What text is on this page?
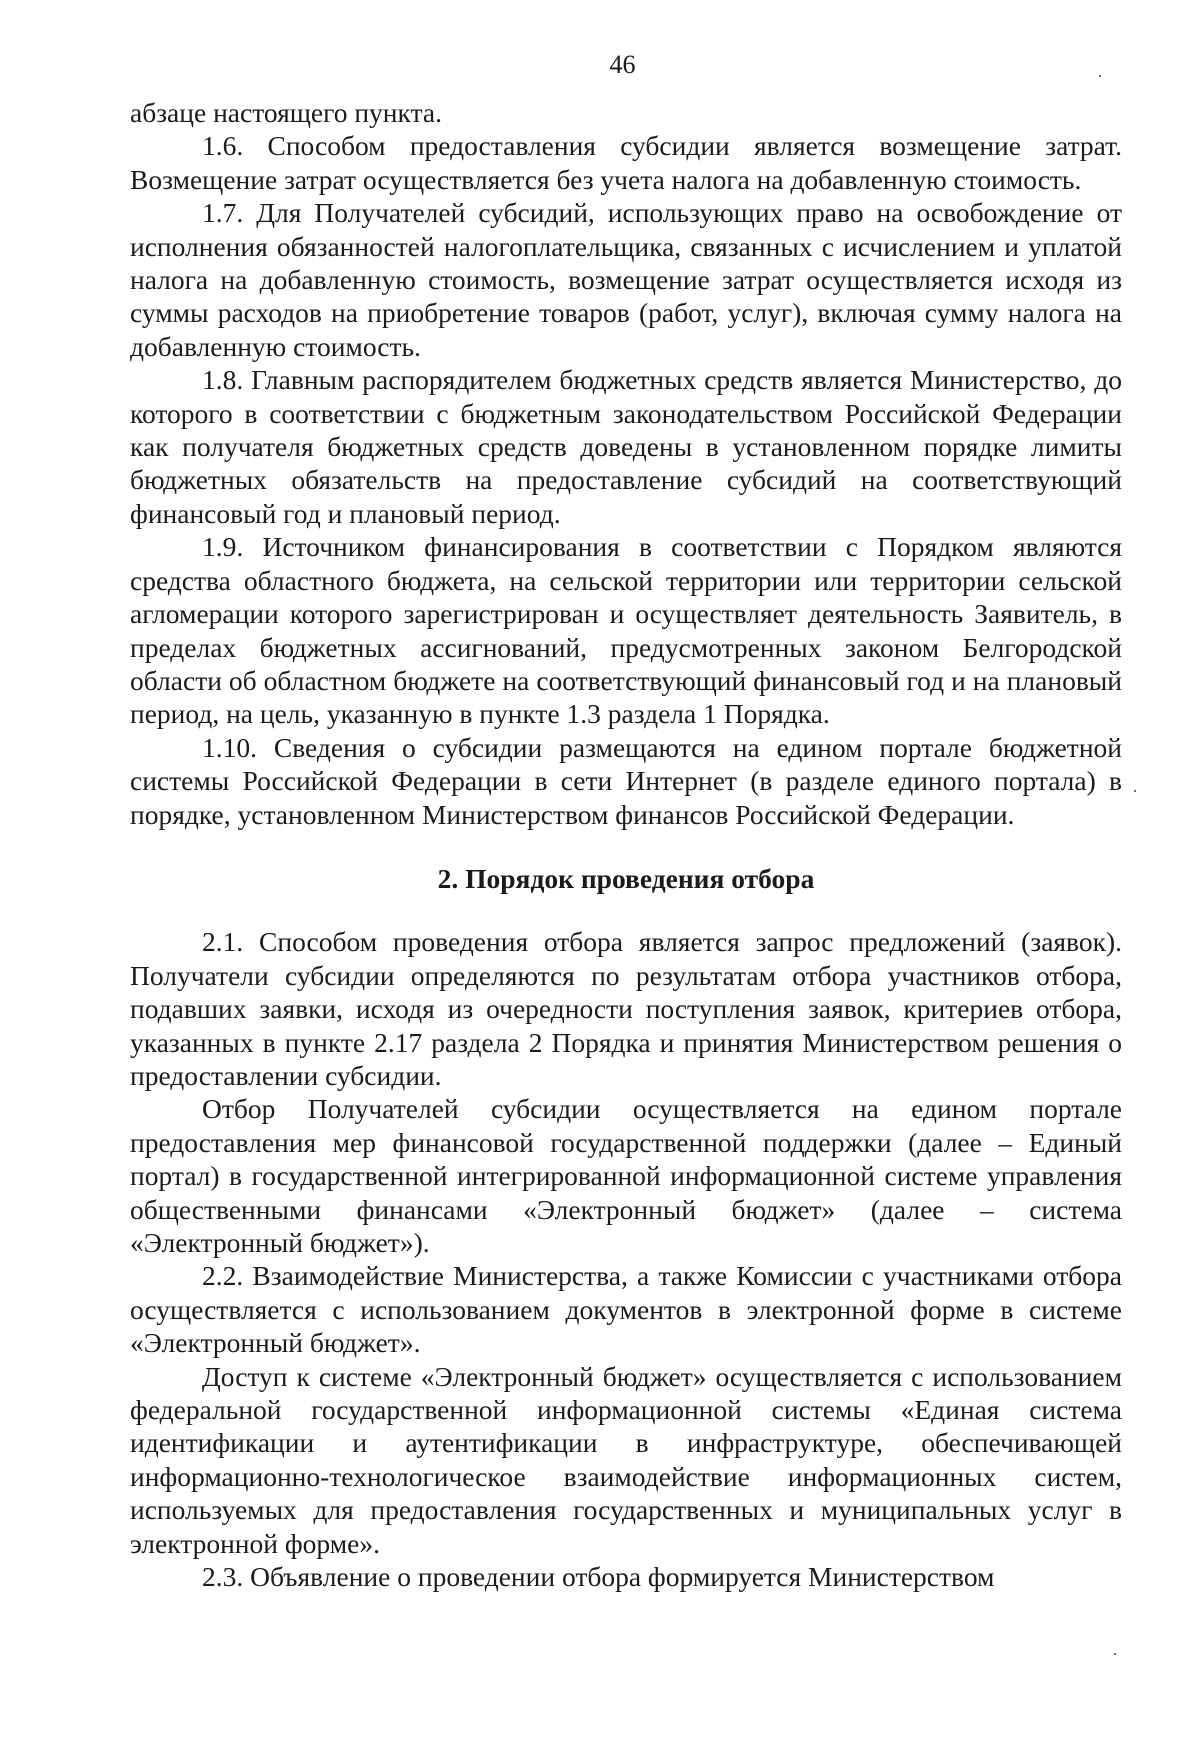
46

абзаце настоящего пункта.

1.6. Способом предоставления субсидии является возмещение затрат. Возмещение затрат осуществляется без учета налога на добавленную стоимость.

1.7. Для Получателей субсидий, использующих право на освобождение от исполнения обязанностей налогоплательщика, связанных с исчислением и уплатой налога на добавленную стоимость, возмещение затрат осуществляется исходя из суммы расходов на приобретение товаров (работ, услуг), включая сумму налога на добавленную стоимость.

1.8. Главным распорядителем бюджетных средств является Министерство, до которого в соответствии с бюджетным законодательством Российской Федерации как получателя бюджетных средств доведены в установленном порядке лимиты бюджетных обязательств на предоставление субсидий на соответствующий финансовый год и плановый период.

1.9. Источником финансирования в соответствии с Порядком являются средства областного бюджета, на сельской территории или территории сельской агломерации которого зарегистрирован и осуществляет деятельность Заявитель, в пределах бюджетных ассигнований, предусмотренных законом Белгородской области об областном бюджете на соответствующий финансовый год и на плановый период, на цель, указанную в пункте 1.3 раздела 1 Порядка.

1.10. Сведения о субсидии размещаются на едином портале бюджетной системы Российской Федерации в сети Интернет (в разделе единого портала) в порядке, установленном Министерством финансов Российской Федерации.

2. Порядок проведения отбора

2.1. Способом проведения отбора является запрос предложений (заявок). Получатели субсидии определяются по результатам отбора участников отбора, подавших заявки, исходя из очередности поступления заявок, критериев отбора, указанных в пункте 2.17 раздела 2 Порядка и принятия Министерством решения о предоставлении субсидии.

Отбор Получателей субсидии осуществляется на едином портале предоставления мер финансовой государственной поддержки (далее – Единый портал) в государственной интегрированной информационной системе управления общественными финансами «Электронный бюджет» (далее – система «Электронный бюджет»).

2.2. Взаимодействие Министерства, а также Комиссии с участниками отбора осуществляется с использованием документов в электронной форме в системе «Электронный бюджет».

Доступ к системе «Электронный бюджет» осуществляется с использованием федеральной государственной информационной системы «Единая система идентификации и аутентификации в инфраструктуре, обеспечивающей информационно-технологическое взаимодействие информационных систем, используемых для предоставления государственных и муниципальных услуг в электронной форме».

2.3. Объявление о проведении отбора формируется Министерством

·
·
·
